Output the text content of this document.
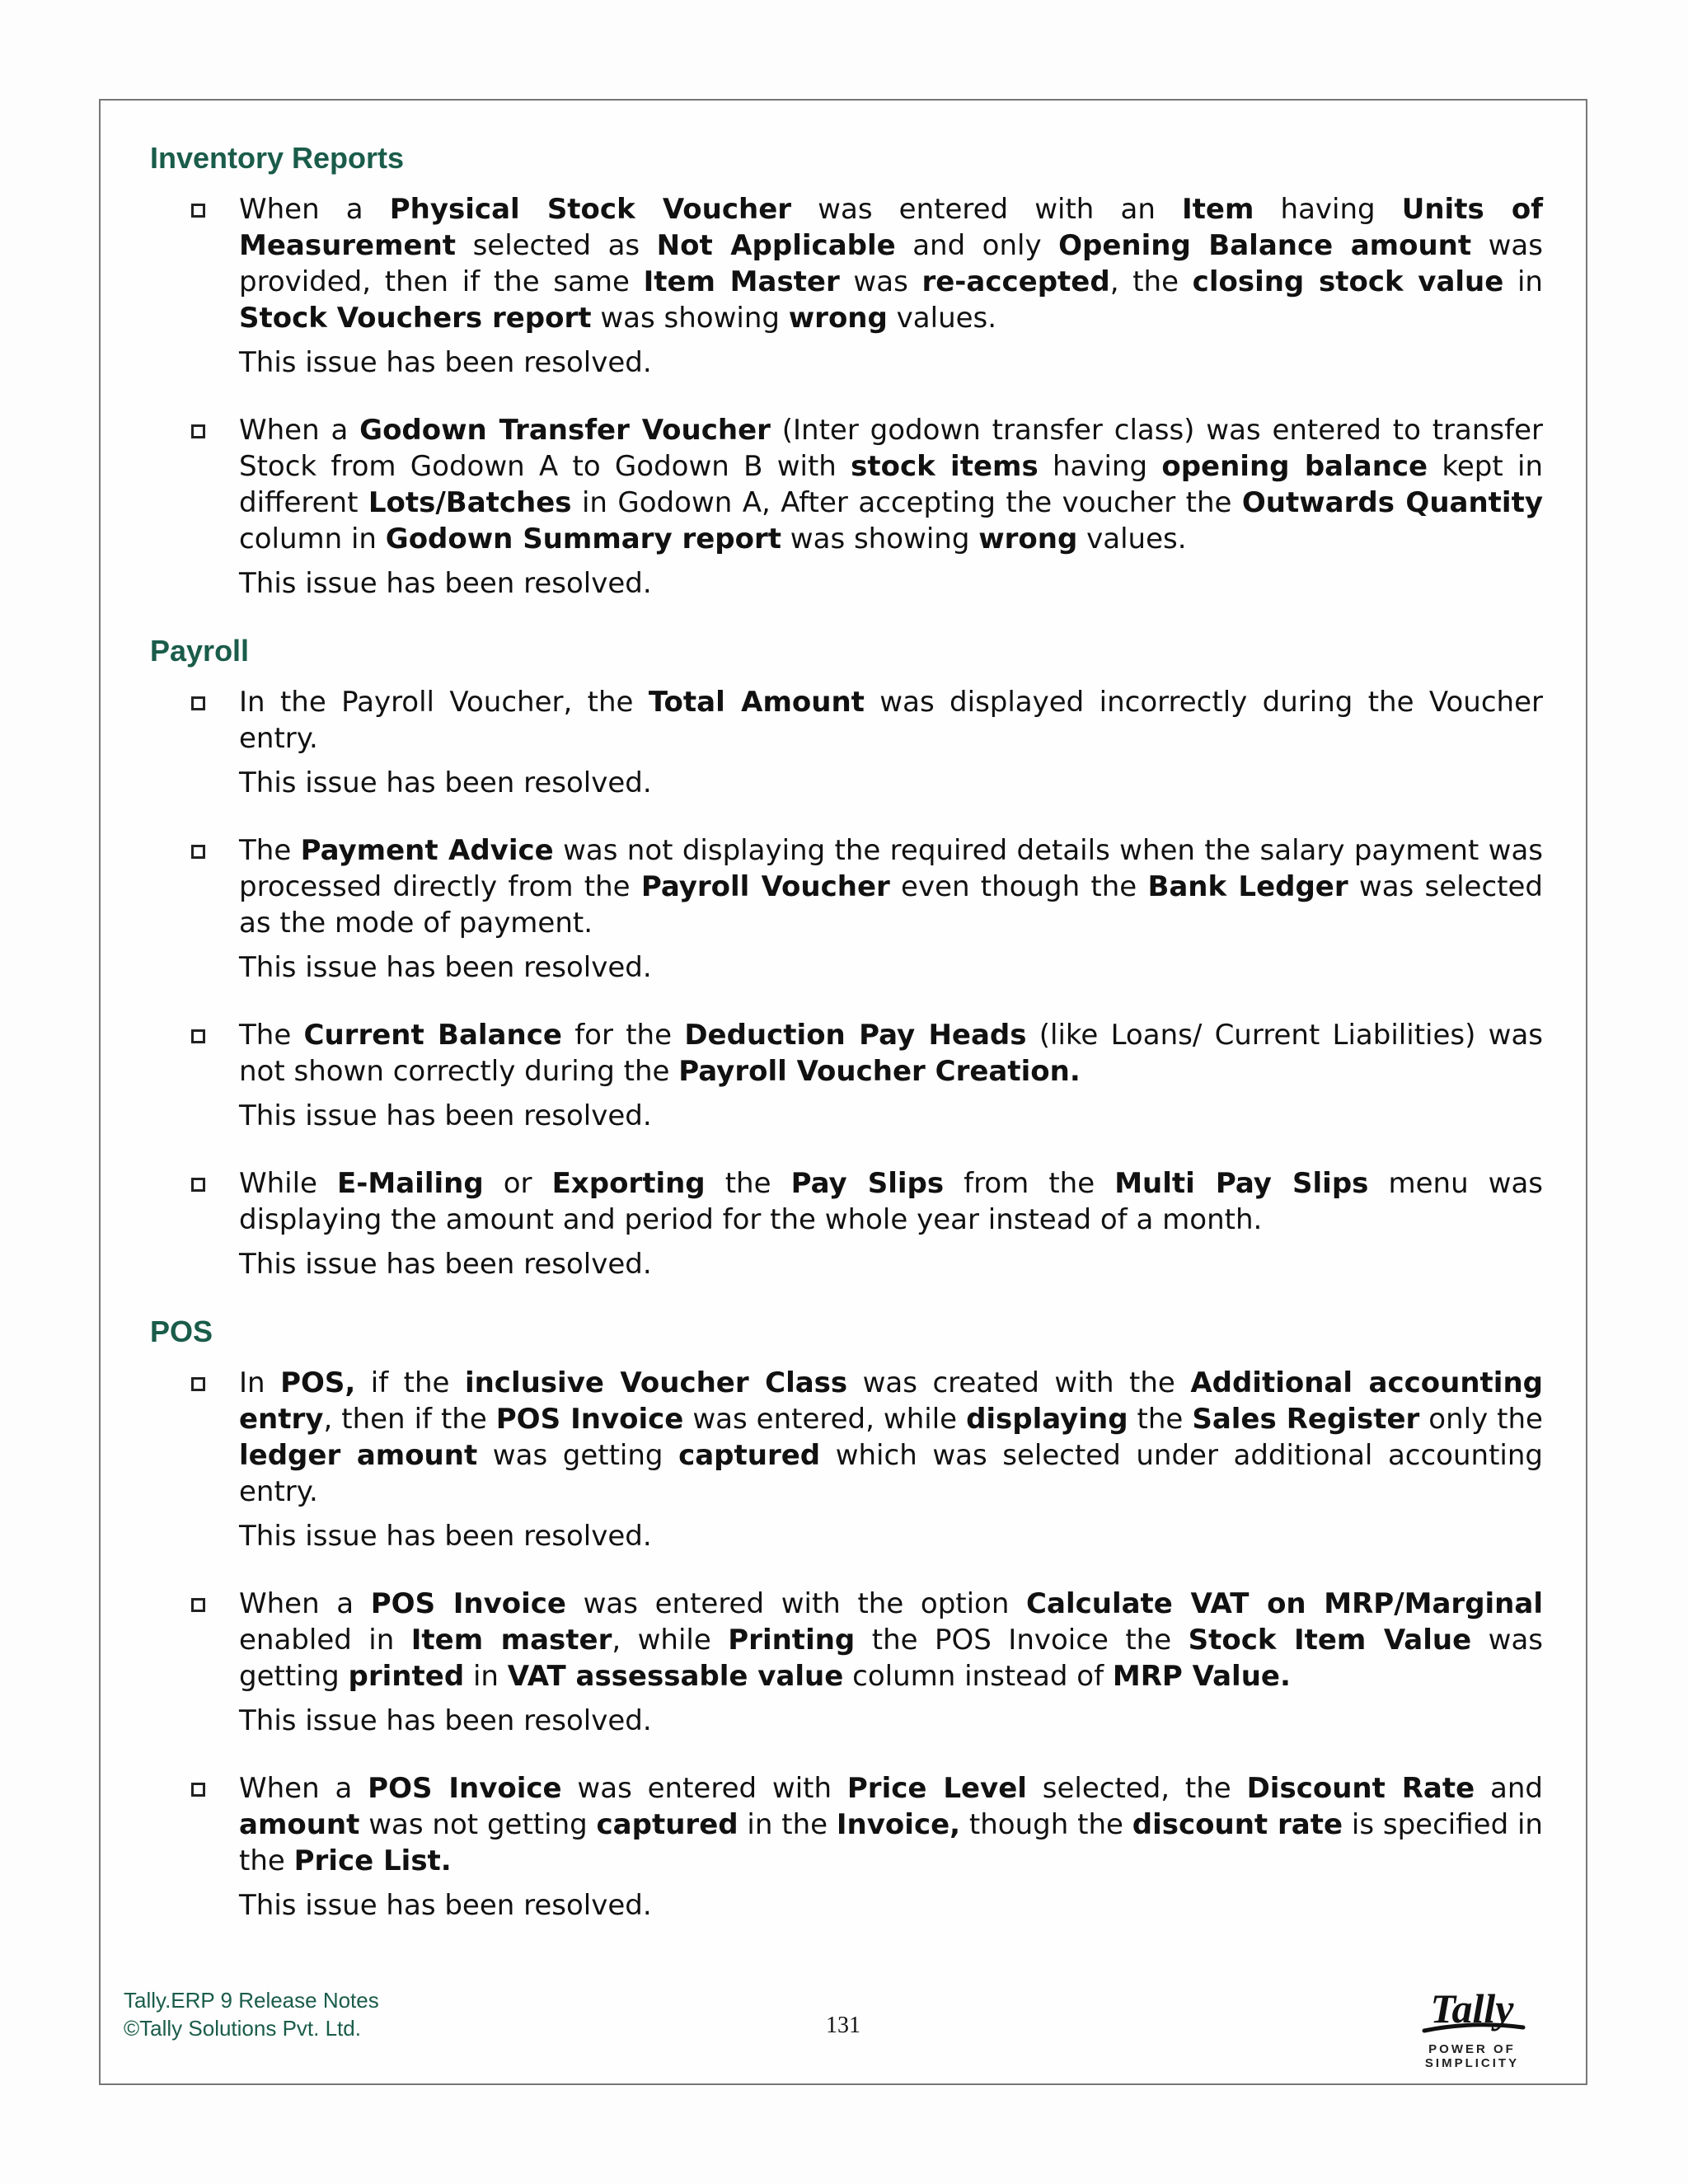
Inventory Reports

When a Physical Stock Voucher was entered with an Item having Units of Measurement selected as Not Applicable and only Opening Balance amount was provided, then if the same Item Master was re-accepted, the closing stock value in Stock Vouchers report was showing wrong values.

This issue has been resolved.

When a Godown Transfer Voucher (Inter godown transfer class) was entered to transfer Stock from Godown A to Godown B with stock items having opening balance kept in different Lots/Batches in Godown A, After accepting the voucher the Outwards Quantity column in Godown Summary report was showing wrong values.

This issue has been resolved.

Payroll

In the Payroll Voucher, the Total Amount was displayed incorrectly during the Voucher entry.

This issue has been resolved.

The Payment Advice was not displaying the required details when the salary payment was processed directly from the Payroll Voucher even though the Bank Ledger was selected as the mode of payment.

This issue has been resolved.

The Current Balance for the Deduction Pay Heads (like Loans/ Current Liabilities) was not shown correctly during the Payroll Voucher Creation.

This issue has been resolved.

While E-Mailing or Exporting the Pay Slips from the Multi Pay Slips menu was displaying the amount and period for the whole year instead of a month.

This issue has been resolved.

POS

In POS, if the inclusive Voucher Class was created with the Additional accounting entry, then if the POS Invoice was entered, while displaying the Sales Register only the ledger amount was getting captured which was selected under additional accounting entry.

This issue has been resolved.

When a POS Invoice was entered with the option Calculate VAT on MRP/Marginal enabled in Item master, while Printing the POS Invoice the Stock Item Value was getting printed in VAT assessable value column instead of MRP Value.

This issue has been resolved.

When a POS Invoice was entered with Price Level selected, the Discount Rate and amount was not getting captured in the Invoice, though the discount rate is specified in the Price List.

This issue has been resolved.

Tally.ERP 9 Release Notes
©Tally Solutions Pvt. Ltd.	131	Tally
POWER OF SIMPLICITY
